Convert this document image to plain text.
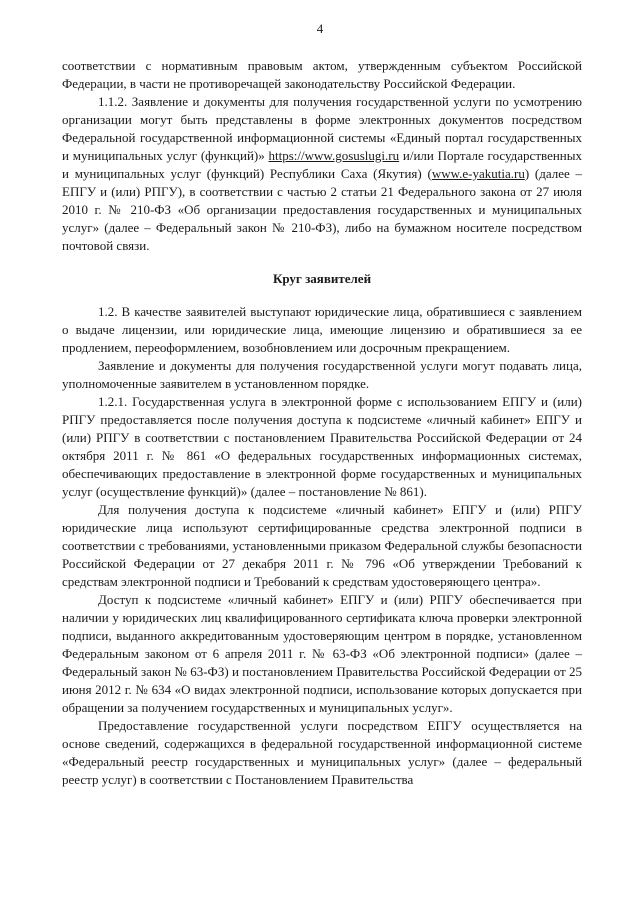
4

соответствии с нормативным правовым актом, утвержденным субъектом Российской Федерации, в части не противоречащей законодательству Российской Федерации.

1.1.2. Заявление и документы для получения государственной услуги по усмотрению организации могут быть представлены в форме электронных документов посредством Федеральной государственной информационной системы «Единый портал государственных и муниципальных услуг (функций)» https://www.gosuslugi.ru и/или Портале государственных и муниципальных услуг (функций) Республики Саха (Якутия) (www.e-yakutia.ru) (далее – ЕПГУ и (или) РПГУ), в соответствии с частью 2 статьи 21 Федерального закона от 27 июля 2010 г. № 210-ФЗ «Об организации предоставления государственных и муниципальных услуг» (далее – Федеральный закон № 210-ФЗ), либо на бумажном носителе посредством почтовой связи.

Круг заявителей

1.2. В качестве заявителей выступают юридические лица, обратившиеся с заявлением о выдаче лицензии, или юридические лица, имеющие лицензию и обратившиеся за ее продлением, переоформлением, возобновлением или досрочным прекращением.

Заявление и документы для получения государственной услуги могут подавать лица, уполномоченные заявителем в установленном порядке.

1.2.1. Государственная услуга в электронной форме с использованием ЕПГУ и (или) РПГУ предоставляется после получения доступа к подсистеме «личный кабинет» ЕПГУ и (или) РПГУ в соответствии с постановлением Правительства Российской Федерации от 24 октября 2011 г. № 861 «О федеральных государственных информационных системах, обеспечивающих предоставление в электронной форме государственных и муниципальных услуг (осуществление функций)» (далее – постановление № 861).

Для получения доступа к подсистеме «личный кабинет» ЕПГУ и (или) РПГУ юридические лица используют сертифицированные средства электронной подписи в соответствии с требованиями, установленными приказом Федеральной службы безопасности Российской Федерации от 27 декабря 2011 г. № 796 «Об утверждении Требований к средствам электронной подписи и Требований к средствам удостоверяющего центра».

Доступ к подсистеме «личный кабинет» ЕПГУ и (или) РПГУ обеспечивается при наличии у юридических лиц квалифицированного сертификата ключа проверки электронной подписи, выданного аккредитованным удостоверяющим центром в порядке, установленном Федеральным законом от 6 апреля 2011 г. № 63-ФЗ «Об электронной подписи» (далее – Федеральный закон № 63-ФЗ) и постановлением Правительства Российской Федерации от 25 июня 2012 г. № 634 «О видах электронной подписи, использование которых допускается при обращении за получением государственных и муниципальных услуг».

Предоставление государственной услуги посредством ЕПГУ осуществляется на основе сведений, содержащихся в федеральной государственной информационной системе «Федеральный реестр государственных и муниципальных услуг» (далее – федеральный реестр услуг) в соответствии с Постановлением Правительства
